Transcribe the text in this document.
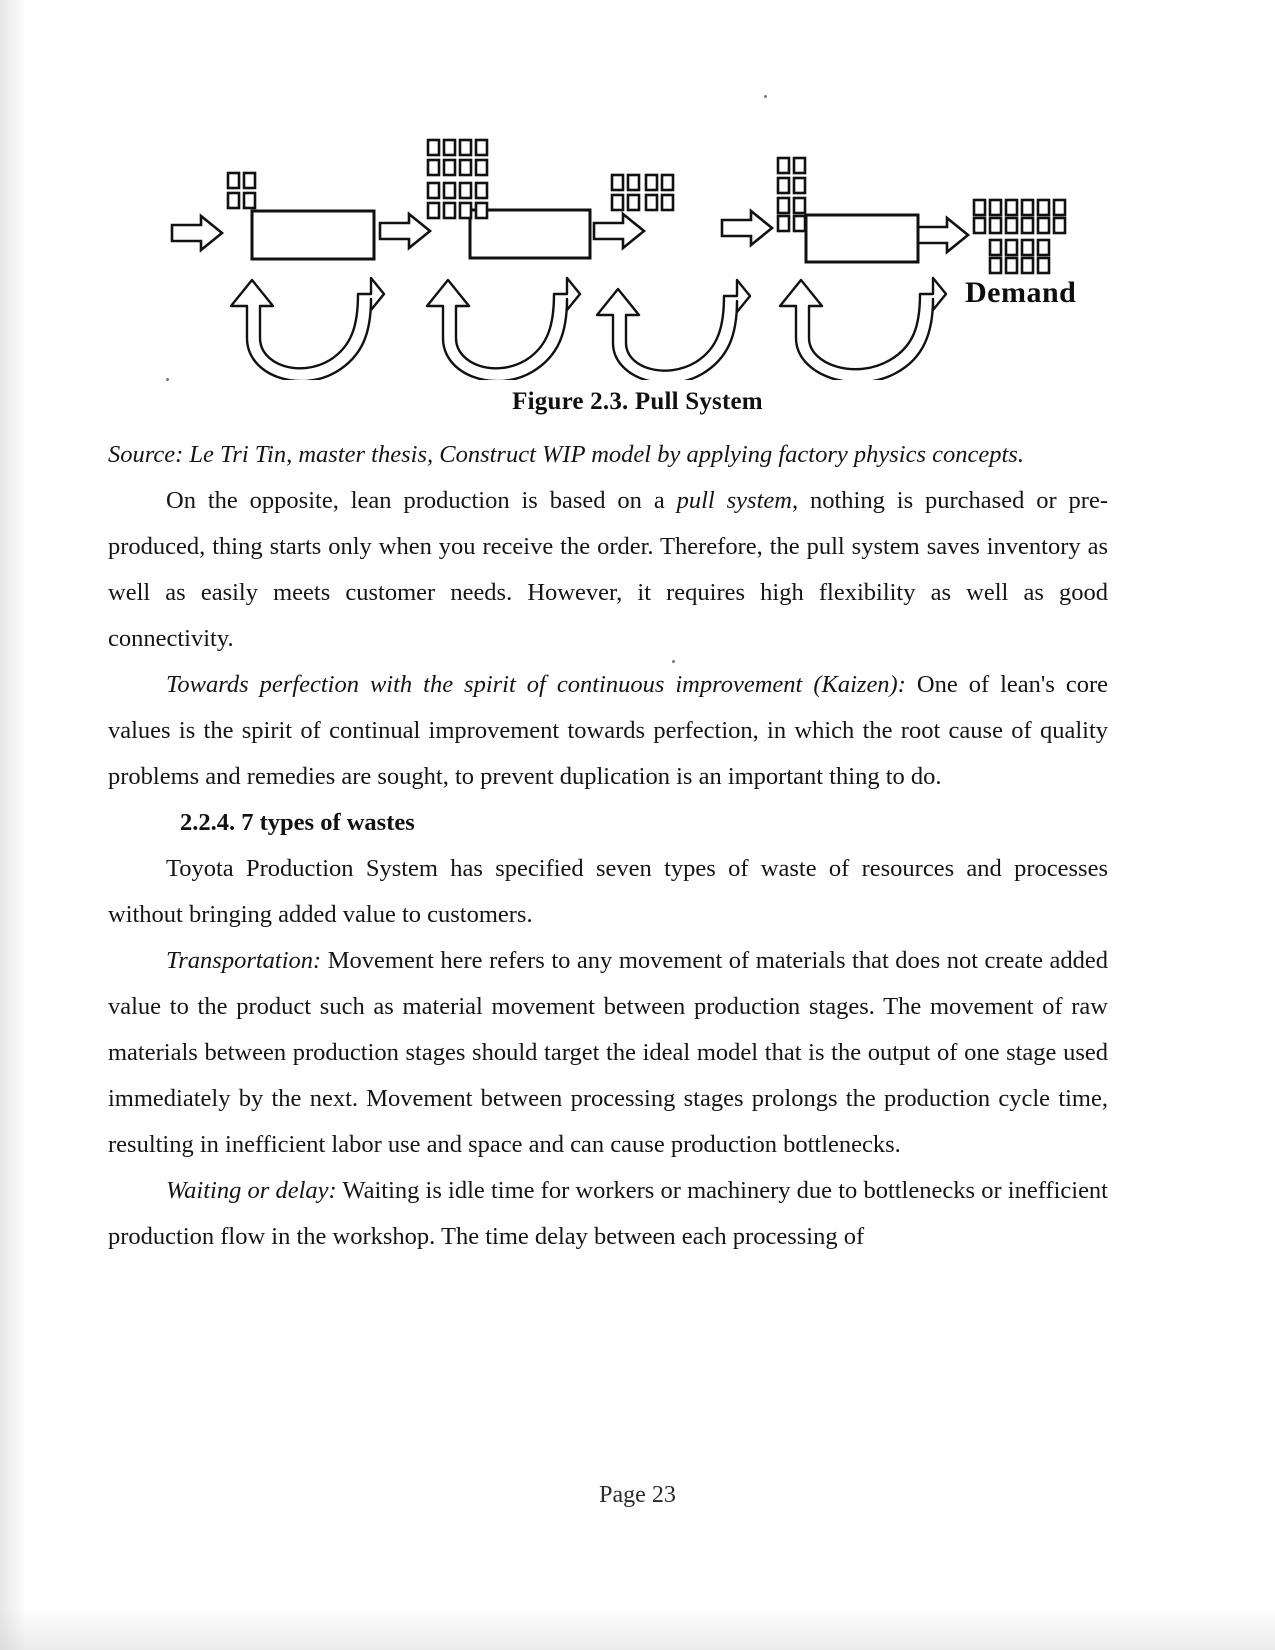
Demand
Figure 2.3. Pull System

Source: Le Tri Tin, master thesis, Construct WIP model by applying factory physics concepts.

On the opposite, lean production is based on a pull system, nothing is purchased or pre-produced, thing starts only when you receive the order. Therefore, the pull system saves inventory as well as easily meets customer needs. However, it requires high flexibility as well as good connectivity.

Towards perfection with the spirit of continuous improvement (Kaizen): One of lean's core values is the spirit of continual improvement towards perfection, in which the root cause of quality problems and remedies are sought, to prevent duplication is an important thing to do.

2.2.4. 7 types of wastes

Toyota Production System has specified seven types of waste of resources and processes without bringing added value to customers.

Transportation: Movement here refers to any movement of materials that does not create added value to the product such as material movement between production stages. The movement of raw materials between production stages should target the ideal model that is the output of one stage used immediately by the next. Movement between processing stages prolongs the production cycle time, resulting in inefficient labor use and space and can cause production bottlenecks.

Waiting or delay: Waiting is idle time for workers or machinery due to bottlenecks or inefficient production flow in the workshop. The time delay between each processing of

Page 23
